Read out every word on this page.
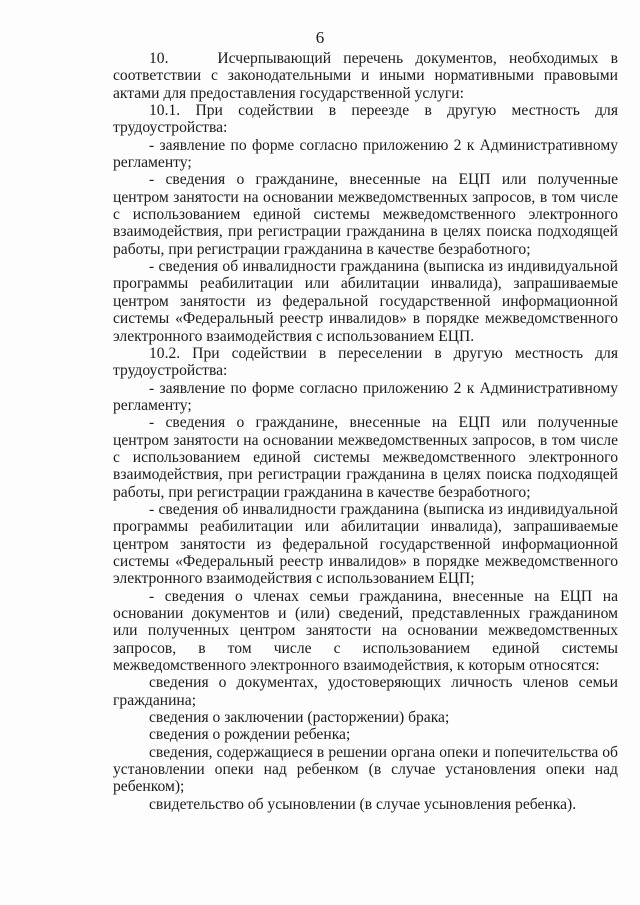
6

10.    Исчерпывающий перечень документов, необходимых в соответствии с законодательными и иными нормативными правовыми актами для предоставления государственной услуги:

10.1. При содействии в переезде в другую местность для трудоустройства:

- заявление по форме согласно приложению 2 к Административному регламенту;

- сведения о гражданине, внесенные на ЕЦП или полученные центром занятости на основании межведомственных запросов, в том числе с использованием единой системы межведомственного электронного взаимодействия, при регистрации гражданина в целях поиска подходящей работы, при регистрации гражданина в качестве безработного;

- сведения об инвалидности гражданина (выписка из индивидуальной программы реабилитации или абилитации инвалида), запрашиваемые центром занятости из федеральной государственной информационной системы «Федеральный реестр инвалидов» в порядке межведомственного электронного взаимодействия с использованием ЕЦП.

10.2. При содействии в переселении в другую местность для трудоустройства:

- заявление по форме согласно приложению 2 к Административному регламенту;

- сведения о гражданине, внесенные на ЕЦП или полученные центром занятости на основании межведомственных запросов, в том числе с использованием единой системы межведомственного электронного взаимодействия, при регистрации гражданина в целях поиска подходящей работы, при регистрации гражданина в качестве безработного;

- сведения об инвалидности гражданина (выписка из индивидуальной программы реабилитации или абилитации инвалида), запрашиваемые центром занятости из федеральной государственной информационной системы «Федеральный реестр инвалидов» в порядке межведомственного электронного взаимодействия с использованием ЕЦП;

- сведения о членах семьи гражданина, внесенные на ЕЦП на основании документов и (или) сведений, представленных гражданином или полученных центром занятости на основании межведомственных запросов, в том числе с использованием единой системы межведомственного электронного взаимодействия, к которым относятся:

сведения о документах, удостоверяющих личность членов семьи гражданина;

сведения о заключении (расторжении) брака;

сведения о рождении ребенка;

сведения, содержащиеся в решении органа опеки и попечительства об установлении опеки над ребенком (в случае установления опеки над ребенком);

свидетельство об усыновлении (в случае усыновления ребенка).
